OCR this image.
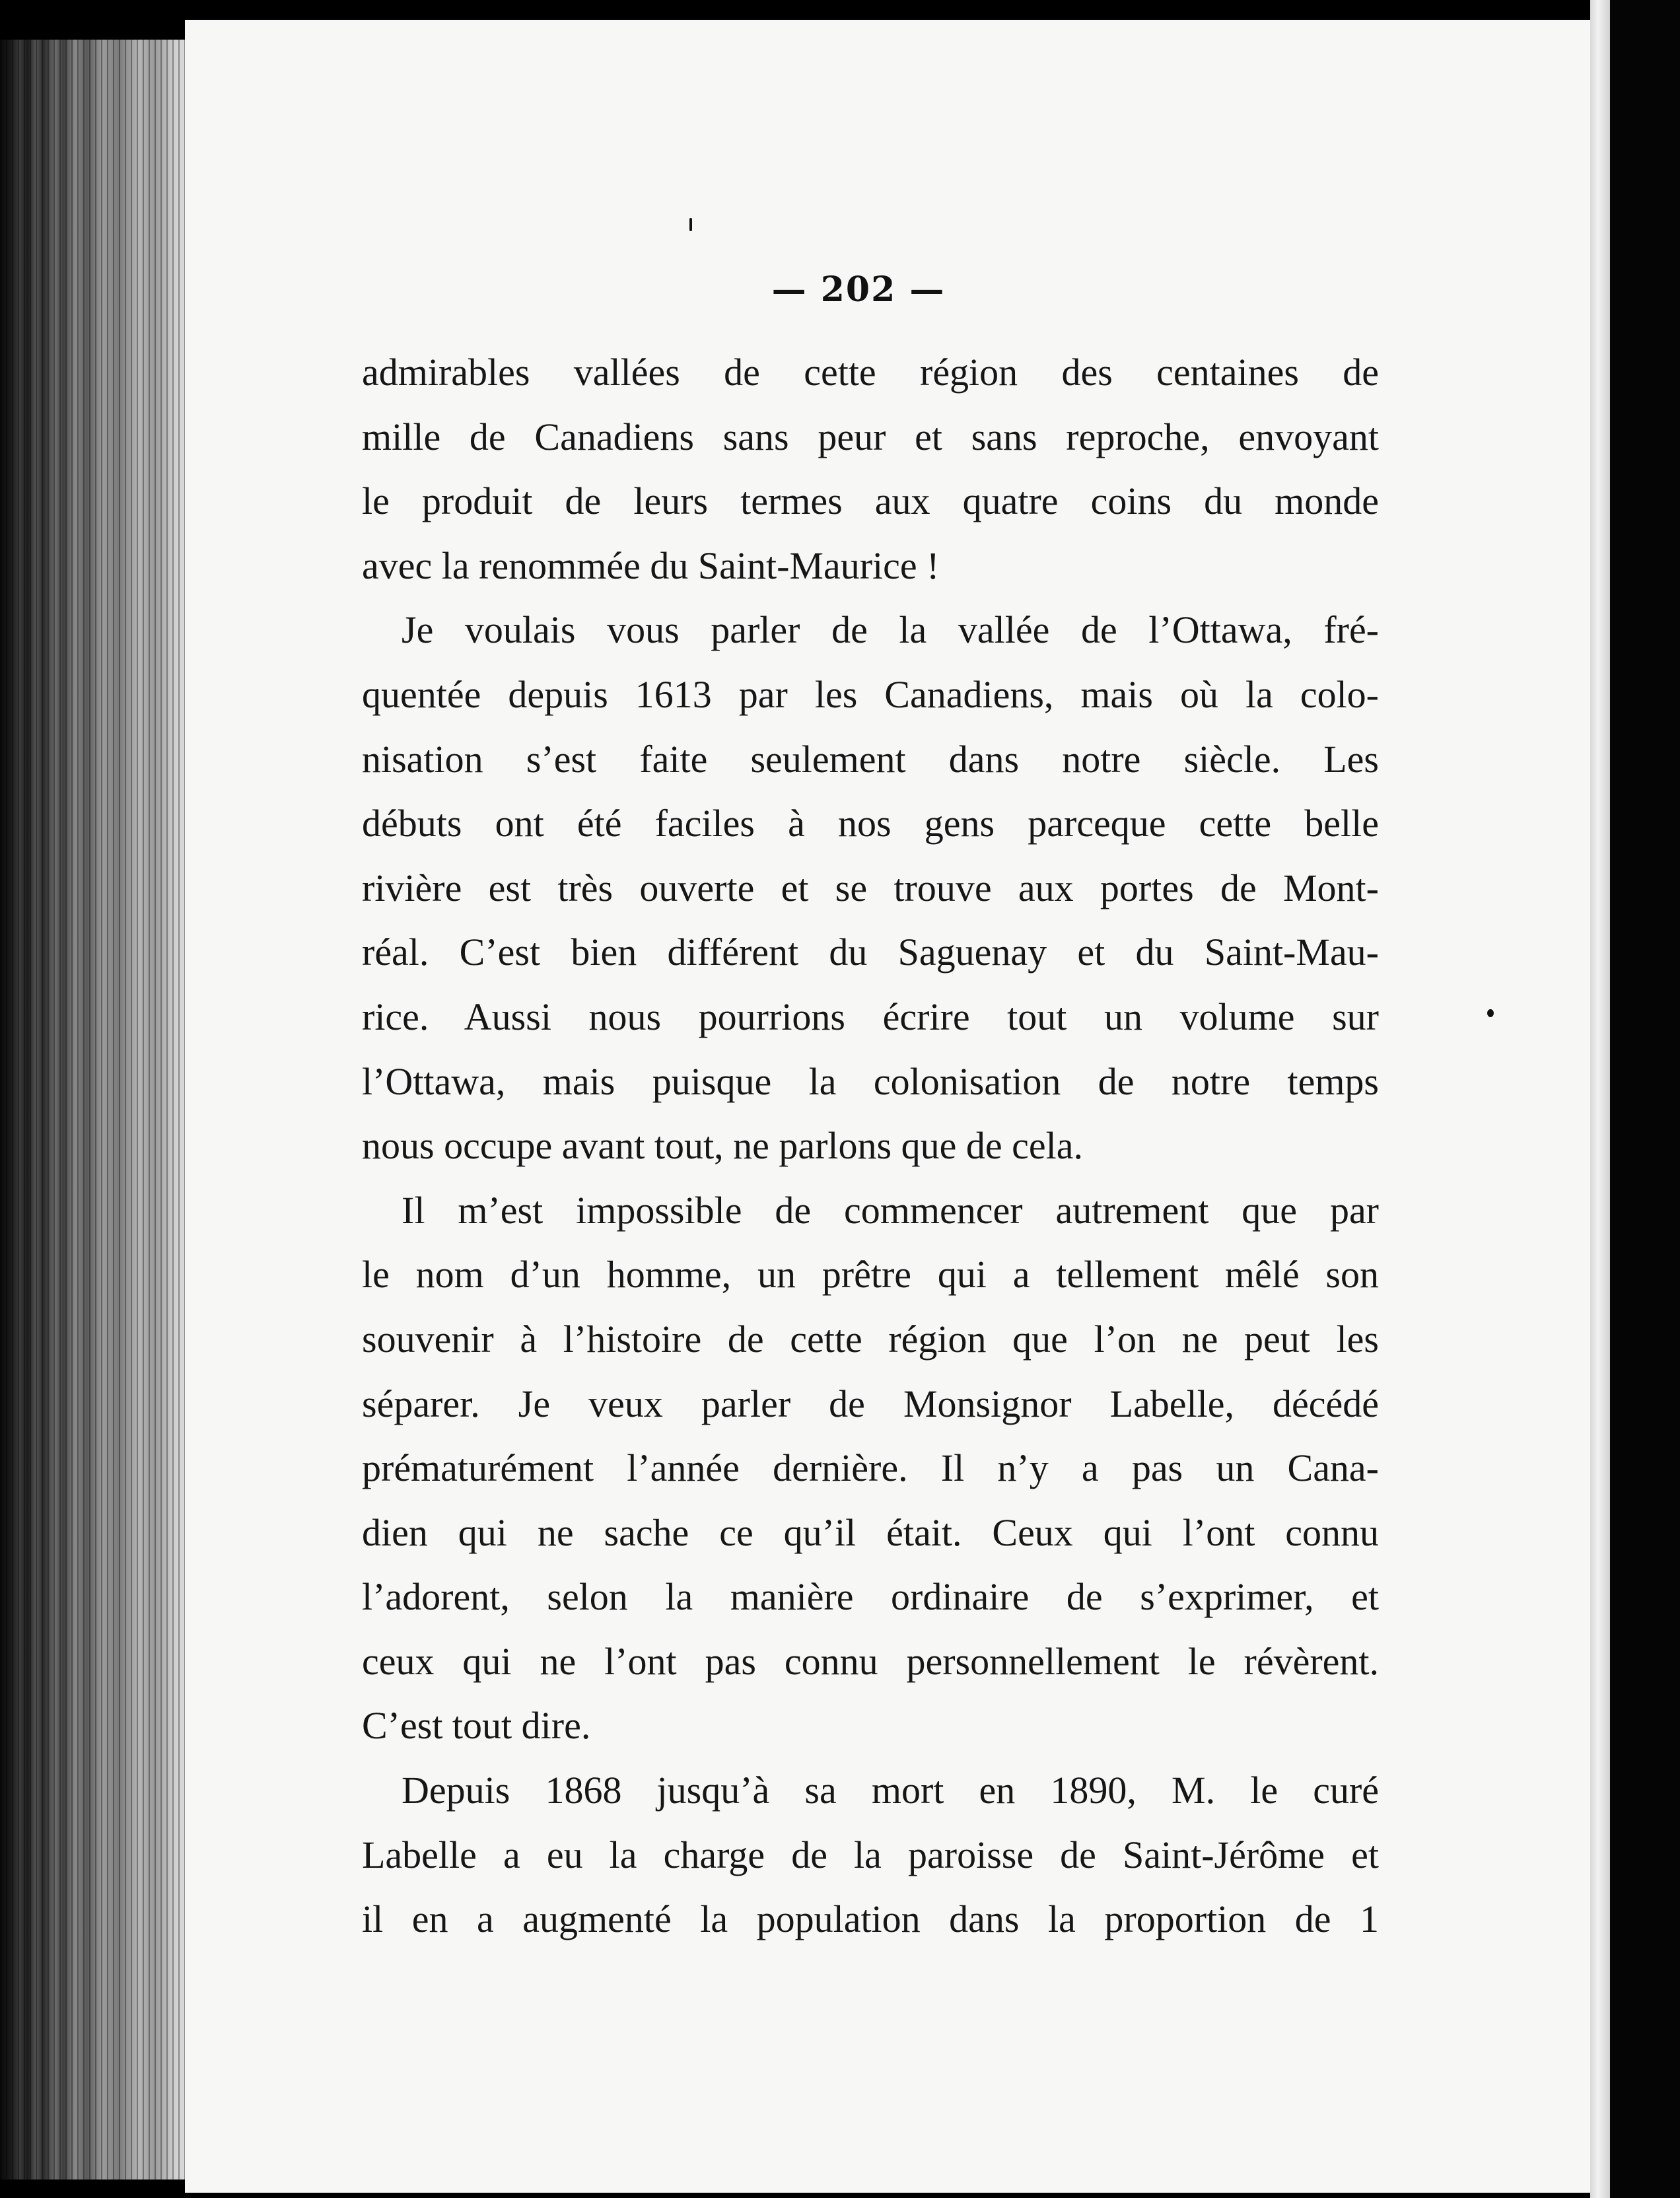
— 202 —
admirables vallées de cette région des centaines de
mille de Canadiens sans peur et sans reproche, envoyant
le produit de leurs termes aux quatre coins du monde
avec la renommée du Saint-Maurice !
Je voulais vous parler de la vallée de l’Ottawa, fré-
quentée depuis 1613 par les Canadiens, mais où la colo-
nisation s’est faite seulement dans notre siècle. Les
débuts ont été faciles à nos gens parceque cette belle
rivière est très ouverte et se trouve aux portes de Mont-
réal. C’est bien différent du Saguenay et du Saint-Mau-
rice. Aussi nous pourrions écrire tout un volume sur
l’Ottawa, mais puisque la colonisation de notre temps
nous occupe avant tout, ne parlons que de cela.
Il m’est impossible de commencer autrement que par
le nom d’un homme, un prêtre qui a tellement mêlé son
souvenir à l’histoire de cette région que l’on ne peut les
séparer. Je veux parler de Monsignor Labelle, décédé
prématurément l’année dernière. Il n’y a pas un Cana-
dien qui ne sache ce qu’il était. Ceux qui l’ont connu
l’adorent, selon la manière ordinaire de s’exprimer, et
ceux qui ne l’ont pas connu personnellement le révèrent.
C’est tout dire.
Depuis 1868 jusqu’à sa mort en 1890, M. le curé
Labelle a eu la charge de la paroisse de Saint-Jérôme et
il en a augmenté la population dans la proportion de 1
